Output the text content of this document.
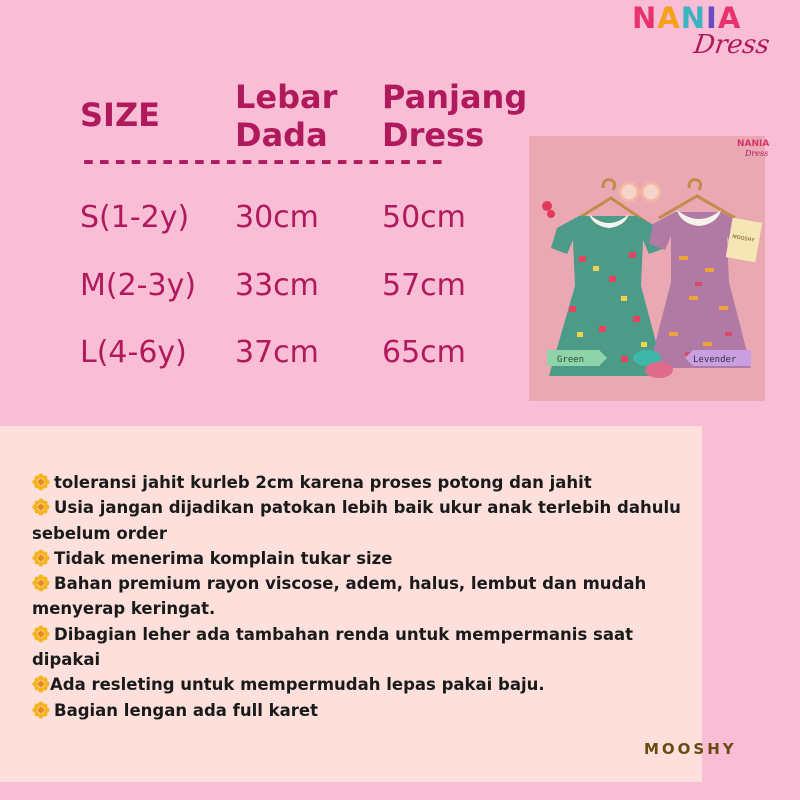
NANIA
Dress
SIZE Lebar
Dada
Panjang
Dress
-----------------------
S(1-2y) 30cm 50cm
M(2-3y) 33cm 57cm
L(4-6y) 37cm 65cm
NANIA
Dress
MOOSHY
Green	Levender
toleransi jahit kurleb 2cm karena proses potong dan jahit
Usia jangan dijadikan patokan lebih baik ukur anak terlebih dahulu sebelum order
Tidak menerima komplain tukar size
Bahan premium rayon viscose, adem, halus, lembut dan mudah menyerap keringat.
Dibagian leher ada tambahan renda untuk mempermanis saat dipakai
Ada resleting untuk mempermudah lepas pakai baju.
Bagian lengan ada full karet
MOOSHY
